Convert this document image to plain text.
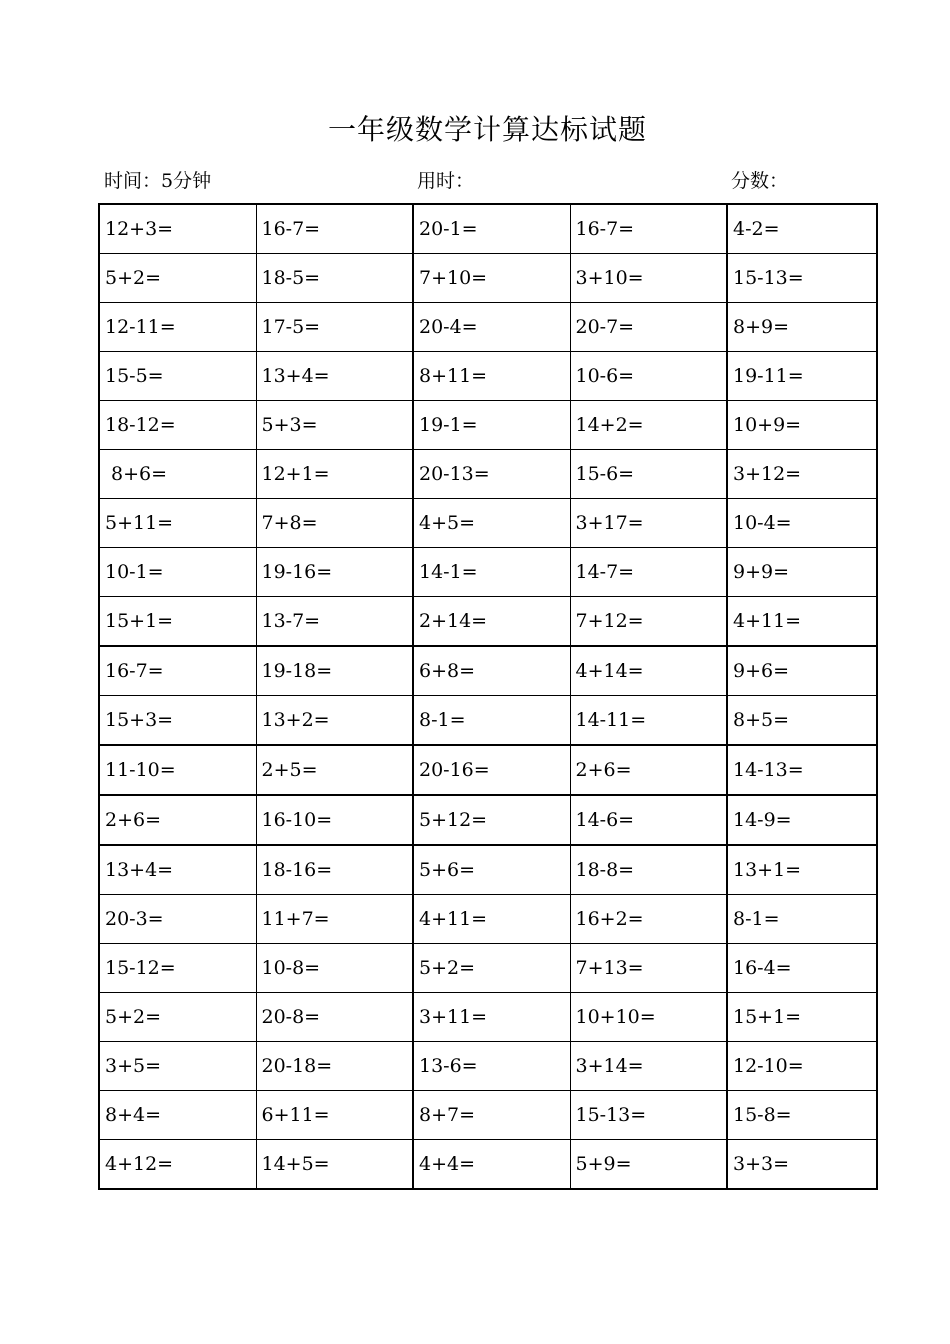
一年级数学计算达标试题
时间：5分钟	用时：	分数：
12+3=	16-7=	20-1=	16-7=	4-2=
5+2=	18-5=	7+10=	3+10=	15-13=
12-11=	17-5=	20-4=	20-7=	8+9=
15-5=	13+4=	8+11=	10-6=	19-11=
18-12=	5+3=	19-1=	14+2=	10+9=
8+6=	12+1=	20-13=	15-6=	3+12=
5+11=	7+8=	4+5=	3+17=	10-4=
10-1=	19-16=	14-1=	14-7=	9+9=
15+1=	13-7=	2+14=	7+12=	4+11=
16-7=	19-18=	6+8=	4+14=	9+6=
15+3=	13+2=	8-1=	14-11=	8+5=
11-10=	2+5=	20-16=	2+6=	14-13=
2+6=	16-10=	5+12=	14-6=	14-9=
13+4=	18-16=	5+6=	18-8=	13+1=
20-3=	11+7=	4+11=	16+2=	8-1=
15-12=	10-8=	5+2=	7+13=	16-4=
5+2=	20-8=	3+11=	10+10=	15+1=
3+5=	20-18=	13-6=	3+14=	12-10=
8+4=	6+11=	8+7=	15-13=	15-8=
4+12=	14+5=	4+4=	5+9=	3+3=
